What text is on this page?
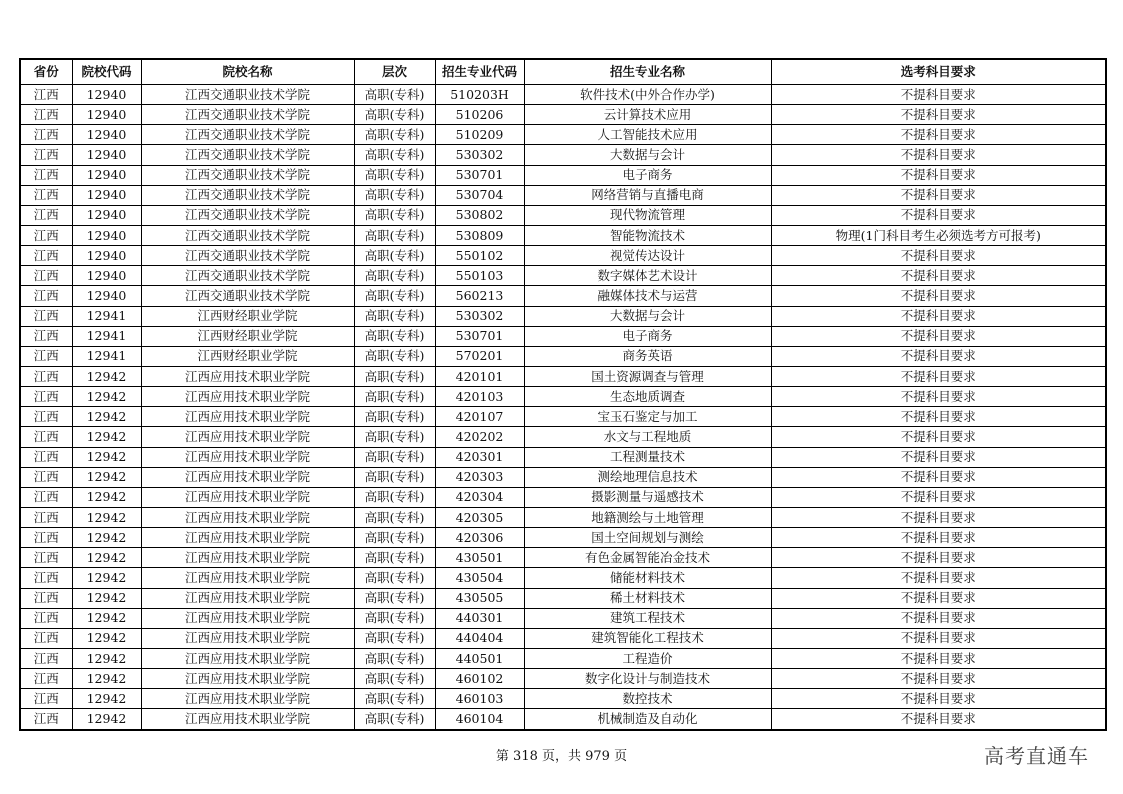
省份	院校代码	院校名称	层次	招生专业代码	招生专业名称	选考科目要求
江西	12940	江西交通职业技术学院	高职(专科)	510203H	软件技术(中外合作办学)	不提科目要求
江西	12940	江西交通职业技术学院	高职(专科)	510206	云计算技术应用	不提科目要求
江西	12940	江西交通职业技术学院	高职(专科)	510209	人工智能技术应用	不提科目要求
江西	12940	江西交通职业技术学院	高职(专科)	530302	大数据与会计	不提科目要求
江西	12940	江西交通职业技术学院	高职(专科)	530701	电子商务	不提科目要求
江西	12940	江西交通职业技术学院	高职(专科)	530704	网络营销与直播电商	不提科目要求
江西	12940	江西交通职业技术学院	高职(专科)	530802	现代物流管理	不提科目要求
江西	12940	江西交通职业技术学院	高职(专科)	530809	智能物流技术	物理(1门科目考生必须选考方可报考)
江西	12940	江西交通职业技术学院	高职(专科)	550102	视觉传达设计	不提科目要求
江西	12940	江西交通职业技术学院	高职(专科)	550103	数字媒体艺术设计	不提科目要求
江西	12940	江西交通职业技术学院	高职(专科)	560213	融媒体技术与运营	不提科目要求
江西	12941	江西财经职业学院	高职(专科)	530302	大数据与会计	不提科目要求
江西	12941	江西财经职业学院	高职(专科)	530701	电子商务	不提科目要求
江西	12941	江西财经职业学院	高职(专科)	570201	商务英语	不提科目要求
江西	12942	江西应用技术职业学院	高职(专科)	420101	国土资源调查与管理	不提科目要求
江西	12942	江西应用技术职业学院	高职(专科)	420103	生态地质调查	不提科目要求
江西	12942	江西应用技术职业学院	高职(专科)	420107	宝玉石鉴定与加工	不提科目要求
江西	12942	江西应用技术职业学院	高职(专科)	420202	水文与工程地质	不提科目要求
江西	12942	江西应用技术职业学院	高职(专科)	420301	工程测量技术	不提科目要求
江西	12942	江西应用技术职业学院	高职(专科)	420303	测绘地理信息技术	不提科目要求
江西	12942	江西应用技术职业学院	高职(专科)	420304	摄影测量与遥感技术	不提科目要求
江西	12942	江西应用技术职业学院	高职(专科)	420305	地籍测绘与土地管理	不提科目要求
江西	12942	江西应用技术职业学院	高职(专科)	420306	国土空间规划与测绘	不提科目要求
江西	12942	江西应用技术职业学院	高职(专科)	430501	有色金属智能冶金技术	不提科目要求
江西	12942	江西应用技术职业学院	高职(专科)	430504	储能材料技术	不提科目要求
江西	12942	江西应用技术职业学院	高职(专科)	430505	稀土材料技术	不提科目要求
江西	12942	江西应用技术职业学院	高职(专科)	440301	建筑工程技术	不提科目要求
江西	12942	江西应用技术职业学院	高职(专科)	440404	建筑智能化工程技术	不提科目要求
江西	12942	江西应用技术职业学院	高职(专科)	440501	工程造价	不提科目要求
江西	12942	江西应用技术职业学院	高职(专科)	460102	数字化设计与制造技术	不提科目要求
江西	12942	江西应用技术职业学院	高职(专科)	460103	数控技术	不提科目要求
江西	12942	江西应用技术职业学院	高职(专科)	460104	机械制造及自动化	不提科目要求
第 318 页，共 979 页	高考直通车
